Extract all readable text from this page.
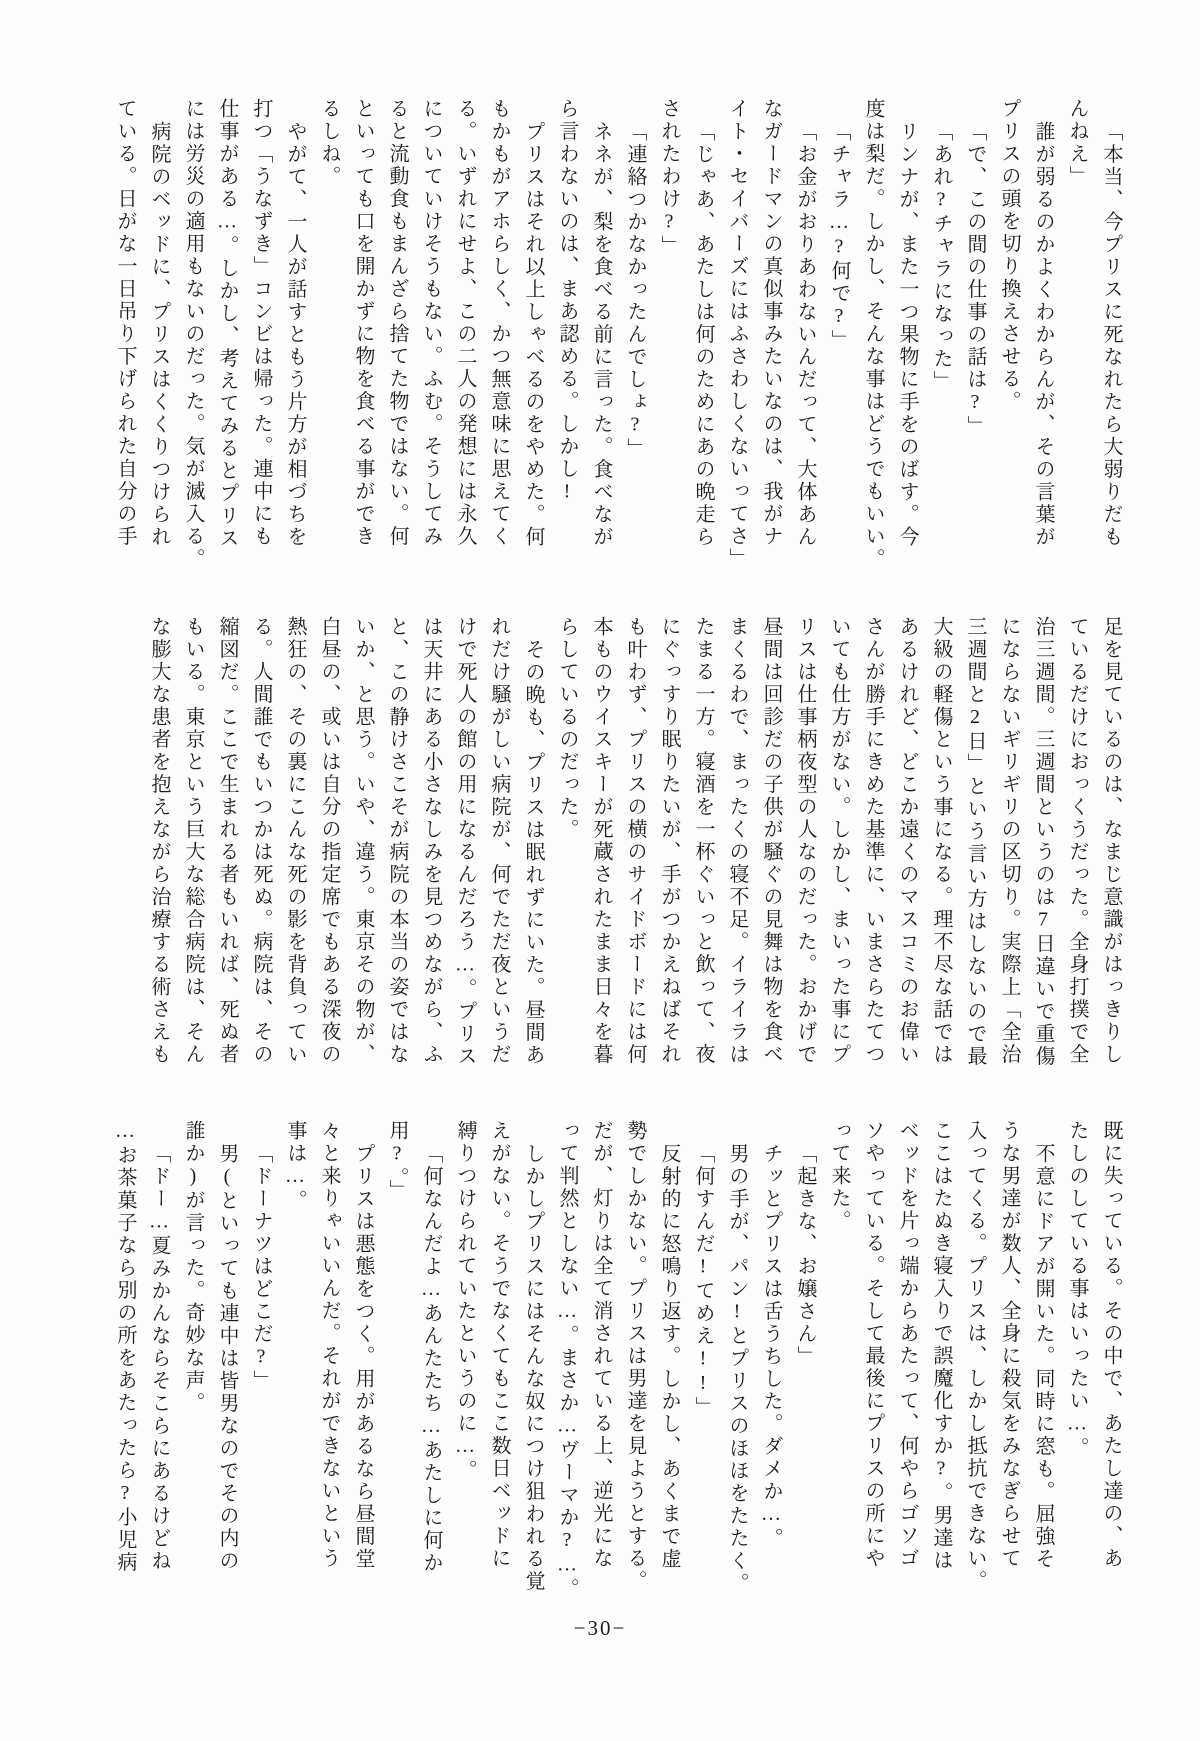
「本当、今プリスに死なれたら大弱りだも

んねえ」

誰が弱るのかよくわからんが、その言葉が

プリスの頭を切り換えさせる。

「で、この間の仕事の話は?」

「あれ?チャラになった」

リンナが、また一つ果物に手をのばす。今

度は梨だ。しかし、そんな事はどうでもいい。

「チャラ…?何で?」

「お金がおりあわないんだって、大体あん

なガードマンの真似事みたいなのは、我がナ

イト・セイバーズにはふさわしくないってさ」

「じゃあ、あたしは何のためにあの晩走ら

されたわけ?」

「連絡つかなかったんでしょ?」

ネネが、梨を食べる前に言った。食べなが

ら言わないのは、まあ認める。しかし!

プリスはそれ以上しゃべるのをやめた。何

もかもがアホらしく、かつ無意味に思えてく

る。いずれにせよ、この二人の発想には永久

についていけそうもない。ふむ。そうしてみ

ると流動食もまんざら捨てた物ではない。何

といっても口を開かずに物を食べる事ができ

るしね。

やがて、一人が話すともう片方が相づちを

打つ「うなずき」コンビは帰った。連中にも

仕事がある…。しかし、考えてみるとプリス

には労災の適用もないのだった。気が滅入る。

病院のベッドに、プリスはくくりつけられ

ている。日がな一日吊り下げられた自分の手

足を見ているのは、なまじ意識がはっきりし

ているだけにおっくうだった。全身打撲で全

治三週間。三週間というのは7日違いで重傷

にならないギリギリの区切り。実際上「全治

三週間と2日」という言い方はしないので最

大級の軽傷という事になる。理不尽な話では

あるけれど、どこか遠くのマスコミのお偉い

さんが勝手にきめた基準に、いまさらたてつ

いても仕方がない。しかし、まいった事にプ

リスは仕事柄夜型の人なのだった。おかげで

昼間は回診だの子供が騒ぐの見舞は物を食べ

まくるわで、まったくの寝不足。イライラは

たまる一方。寝酒を一杯ぐいっと飲って、夜

にぐっすり眠りたいが、手がつかえねばそれ

も叶わず、プリスの横のサイドボードには何

本ものウイスキーが死蔵されたまま日々を暮

らしているのだった。

その晩も、プリスは眠れずにいた。昼間あ

れだけ騒がしい病院が、何でただ夜というだ

けで死人の館の用になるんだろう…。プリス

は天井にある小さなしみを見つめながら、ふ

と、この静けさこそが病院の本当の姿ではな

いか、と思う。いや、違う。東京その物が、

白昼の、或いは自分の指定席でもある深夜の

熱狂の、その裏にこんな死の影を背負ってい

る。人間誰でもいつかは死ぬ。病院は、その

縮図だ。ここで生まれる者もいれば、死ぬ者

もいる。東京という巨大な総合病院は、そん

な膨大な患者を抱えながら治療する術さえも

既に失っている。その中で、あたし達の、あ

たしのしている事はいったい…。

不意にドアが開いた。同時に窓も。屈強そ

うな男達が数人、全身に殺気をみなぎらせて

入ってくる。プリスは、しかし抵抗できない。

ここはたぬき寝入りで誤魔化すか?。男達は

ベッドを片っ端からあたって、何やらゴソゴ

ソやっている。そして最後にプリスの所にや

って来た。

「起きな、お嬢さん」

チッとプリスは舌うちした。ダメか…。

男の手が、パン!とプリスのほほをたたく。

「何すんだ!てめえ!!」

反射的に怒鳴り返す。しかし、あくまで虚

勢でしかない。プリスは男達を見ようとする。

だが、灯りは全て消されている上、逆光にな

って判然としない…。まさか…ヴーマか?…。

しかしプリスにはそんな奴につけ狙われる覚

えがない。そうでなくてもここ数日ベッドに

縛りつけられていたというのに…。

「何なんだよ…あんたたち…あたしに何か

用?。」

プリスは悪態をつく。用があるなら昼間堂

々と来りゃいいんだ。それができないという

事は…。

「ドーナツはどこだ?」

男(といっても連中は皆男なのでその内の

誰か)が言った。奇妙な声。

「ドー…夏みかんならそこらにあるけどね

…お茶菓子なら別の所をあたったら?小児病

−30−
